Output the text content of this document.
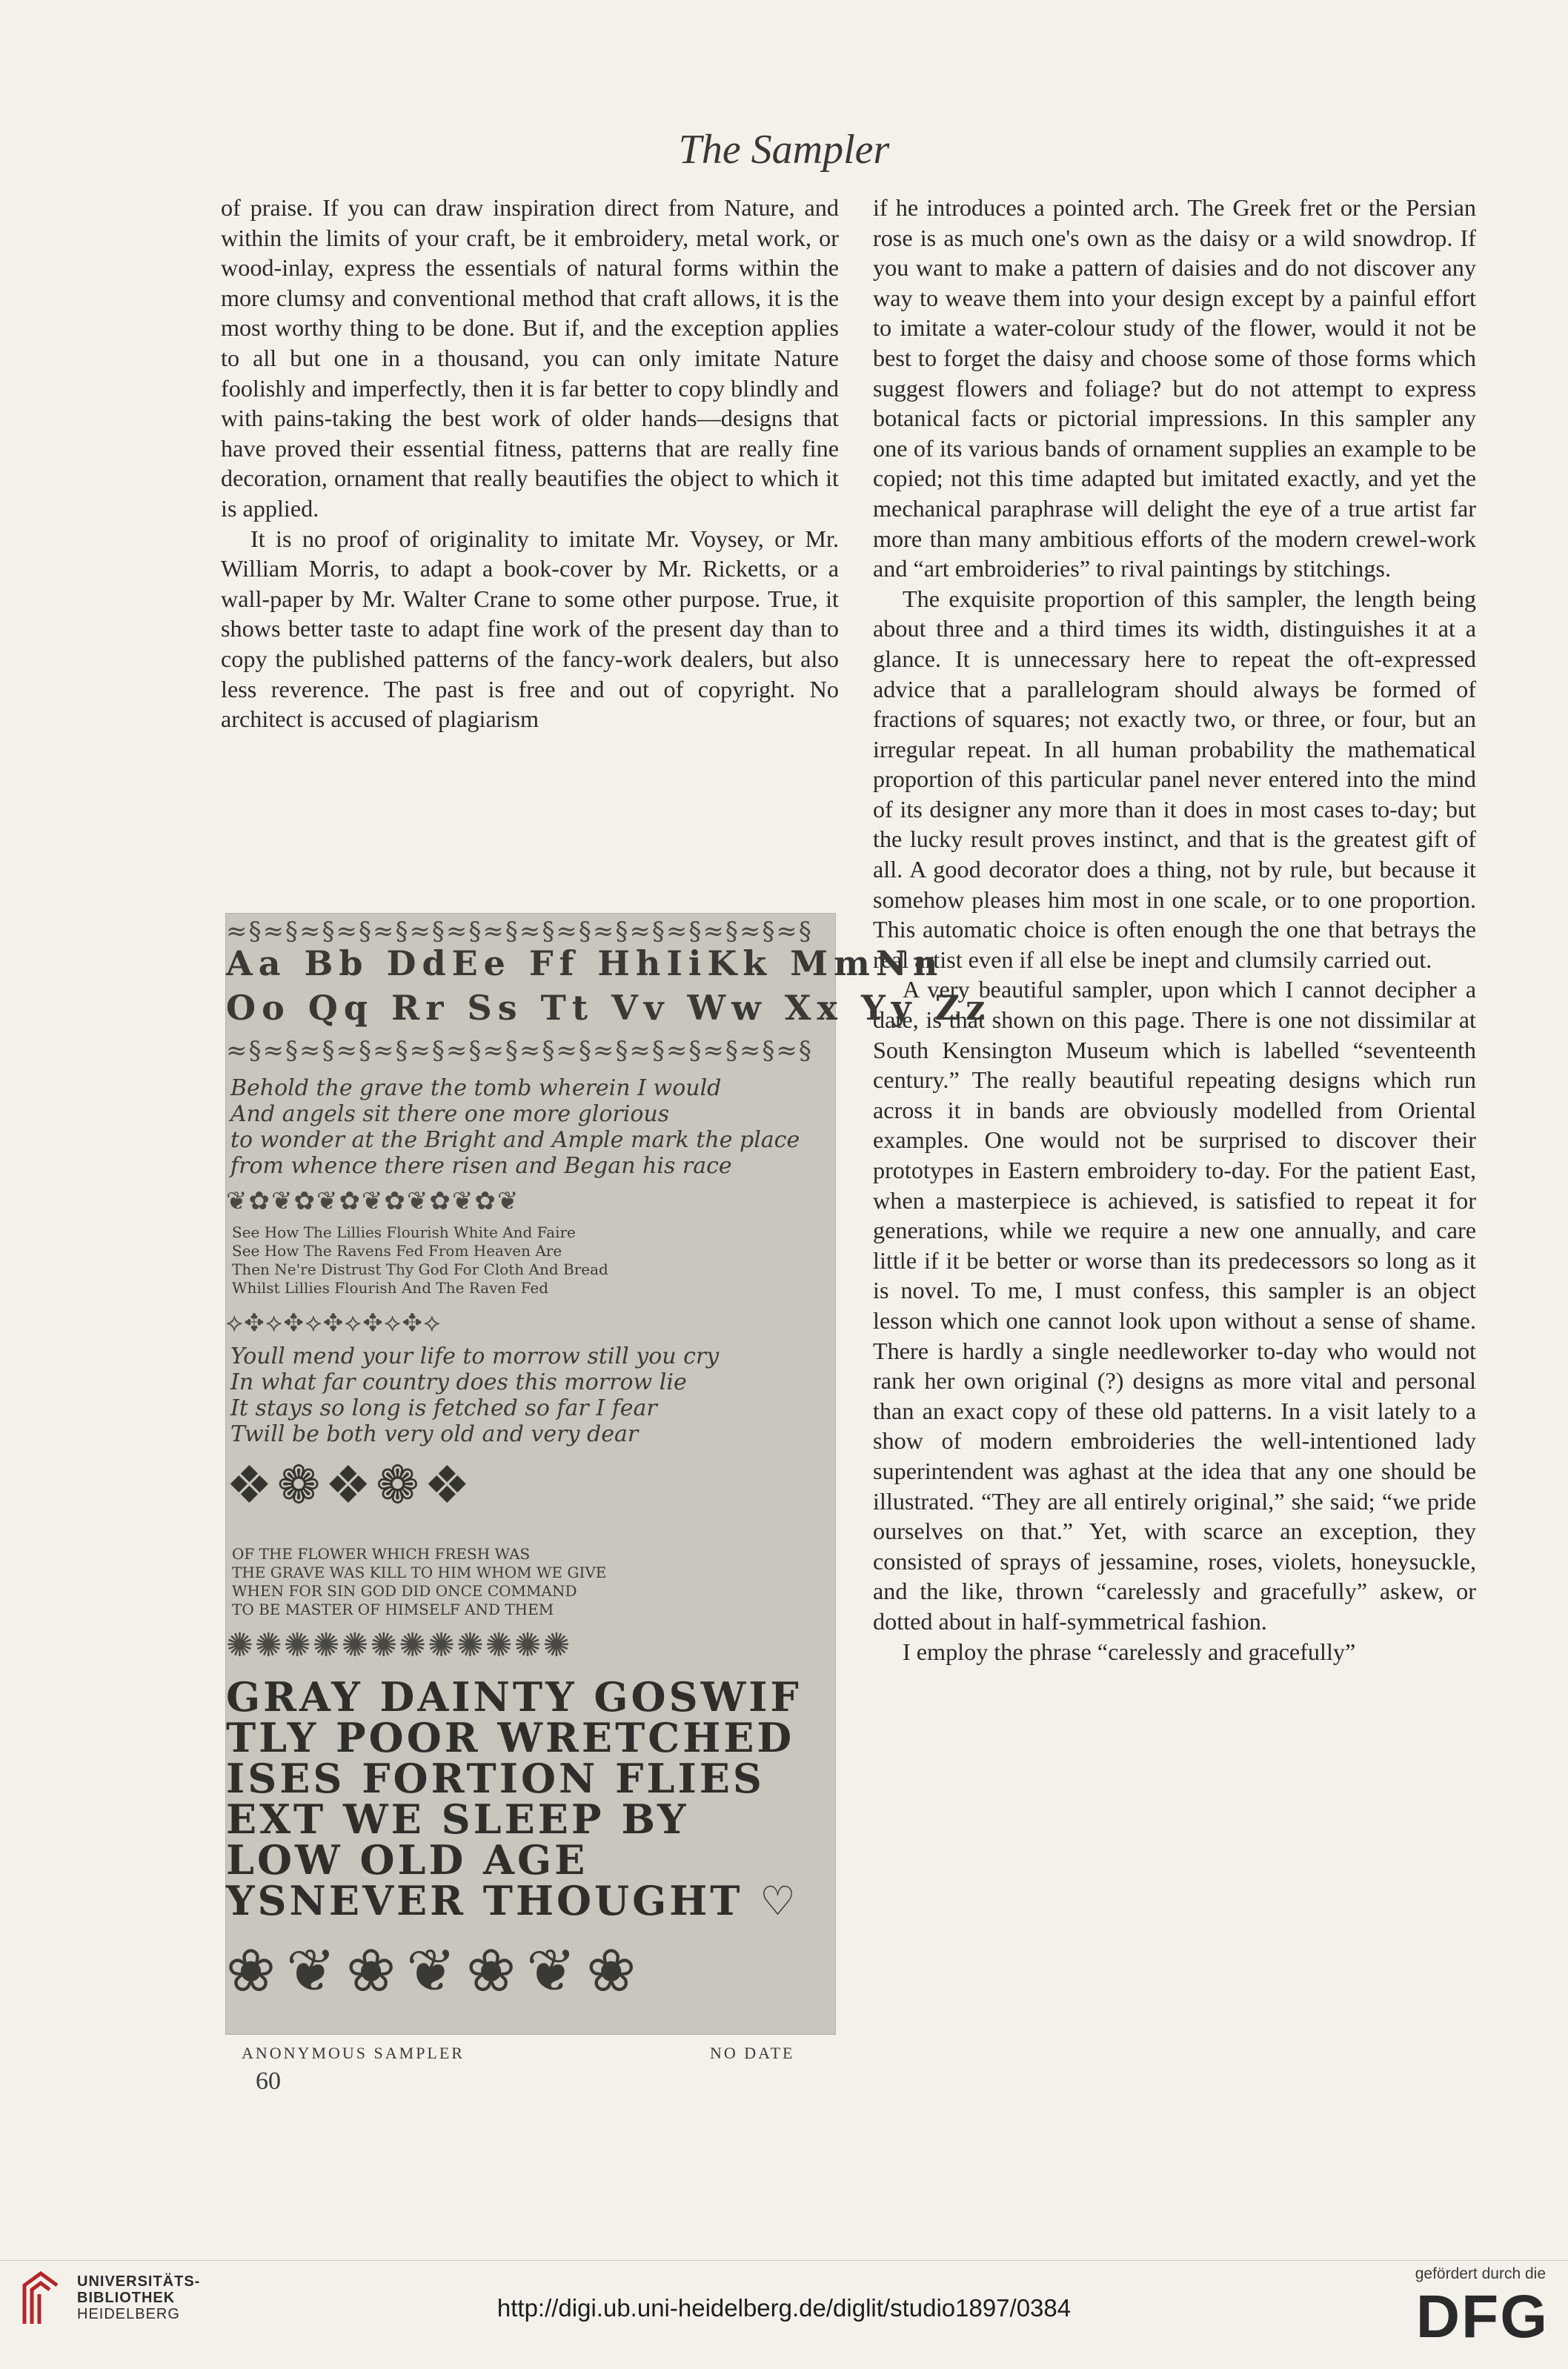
The Sampler

of praise. If you can draw inspiration direct from Nature, and within the limits of your craft, be it embroidery, metal work, or wood-inlay, express the essentials of natural forms within the more clumsy and conventional method that craft allows, it is the most worthy thing to be done. But if, and the exception applies to all but one in a thousand, you can only imitate Nature foolishly and imperfectly, then it is far better to copy blindly and with pains-taking the best work of older hands—designs that have proved their essential fitness, patterns that are really fine decoration, ornament that really beautifies the object to which it is applied.

It is no proof of originality to imitate Mr. Voysey, or Mr. William Morris, to adapt a book-cover by Mr. Ricketts, or a wall-paper by Mr. Walter Crane to some other purpose. True, it shows better taste to adapt fine work of the present day than to copy the published patterns of the fancy-work dealers, but also less reverence. The past is free and out of copyright. No architect is accused of plagiarism

if he introduces a pointed arch. The Greek fret or the Persian rose is as much one's own as the daisy or a wild snowdrop. If you want to make a pattern of daisies and do not discover any way to weave them into your design except by a painful effort to imitate a water-colour study of the flower, would it not be best to forget the daisy and choose some of those forms which suggest flowers and foliage? but do not attempt to express botanical facts or pictorial impressions. In this sampler any one of its various bands of ornament supplies an example to be copied; not this time adapted but imitated exactly, and yet the mechanical paraphrase will delight the eye of a true artist far more than many ambitious efforts of the modern crewel-work and “art embroideries” to rival paintings by stitchings.

The exquisite proportion of this sampler, the length being about three and a third times its width, distinguishes it at a glance. It is unnecessary here to repeat the oft-expressed advice that a parallelogram should always be formed of fractions of squares; not exactly two, or three, or four, but an irregular repeat. In all human probability the mathematical proportion of this particular panel never entered into the mind of its designer any more than it does in most cases to-day; but the lucky result proves instinct, and that is the greatest gift of all. A good decorator does a thing, not by rule, but because it somehow pleases him most in one scale, or to one proportion. This automatic choice is often enough the one that betrays the real artist even if all else be inept and clumsily carried out.

A very beautiful sampler, upon which I cannot decipher a date, is that shown on this page. There is one not dissimilar at South Kensington Museum which is labelled “seventeenth century.” The really beautiful repeating designs which run across it in bands are obviously modelled from Oriental examples. One would not be surprised to discover their prototypes in Eastern embroidery to-day. For the patient East, when a masterpiece is achieved, is satisfied to repeat it for generations, while we require a new one annually, and care little if it be better or worse than its predecessors so long as it is novel. To me, I must confess, this sampler is an object lesson which one cannot look upon without a sense of shame. There is hardly a single needleworker to-day who would not rank her own original (?) designs as more vital and personal than an exact copy of these old patterns. In a visit lately to a show of modern embroideries the well-intentioned lady superintendent was aghast at the idea that any one should be illustrated. “They are all entirely original,” she said; “we pride ourselves on that.” Yet, with scarce an exception, they consisted of sprays of jessamine, roses, violets, honeysuckle, and the like, thrown “carelessly and gracefully” askew, or dotted about in half-symmetrical fashion.

I employ the phrase “carelessly and gracefully”

≈§≈§≈§≈§≈§≈§≈§≈§≈§≈§≈§≈§≈§≈§≈§≈§
Aa Bb DdEe Ff HhIiKk MmNn
Oo Qq Rr Ss Tt Vv Ww Xx Yy Zz
≈§≈§≈§≈§≈§≈§≈§≈§≈§≈§≈§≈§≈§≈§≈§≈§
Behold the grave the tomb wherein I would
And angels sit there one more glorious
to wonder at the Bright and Ample mark the place
from whence there risen and Began his race
❦✿❦✿❦✿❦✿❦✿❦✿❦
See How The Lillies Flourish White And Faire
See How The Ravens Fed From Heaven Are
Then Ne're Distrust Thy God For Cloth And Bread
Whilst Lillies Flourish And The Raven Fed
⟡✥⟡✥⟡✥⟡✥⟡✥⟡
Youll mend your life to morrow still you cry
In what far country does this morrow lie
It stays so long is fetched so far I fear
Twill be both very old and very dear
❖❁❖❁❖
OF THE FLOWER WHICH FRESH WAS
THE GRAVE WAS KILL TO HIM WHOM WE GIVE
WHEN FOR SIN GOD DID ONCE COMMAND
TO BE MASTER OF HIMSELF AND THEM
✺✺✺✺✺✺✺✺✺✺✺✺
GRAY DAINTY GOSWIF
TLY POOR WRETCHED
ISES FORTION FLIES
EXT WE SLEEP BY
LOW OLD AGE
YSNEVER THOUGHT ♡
❀❦❀❦❀❦❀
ANONYMOUS SAMPLER	NO DATE
60
UNIVERSITÄTS-
BIBLIOTHEK
HEIDELBERG	http://digi.ub.uni-heidelberg.de/diglit/studio1897/0384
gefördert durch die
DFG
